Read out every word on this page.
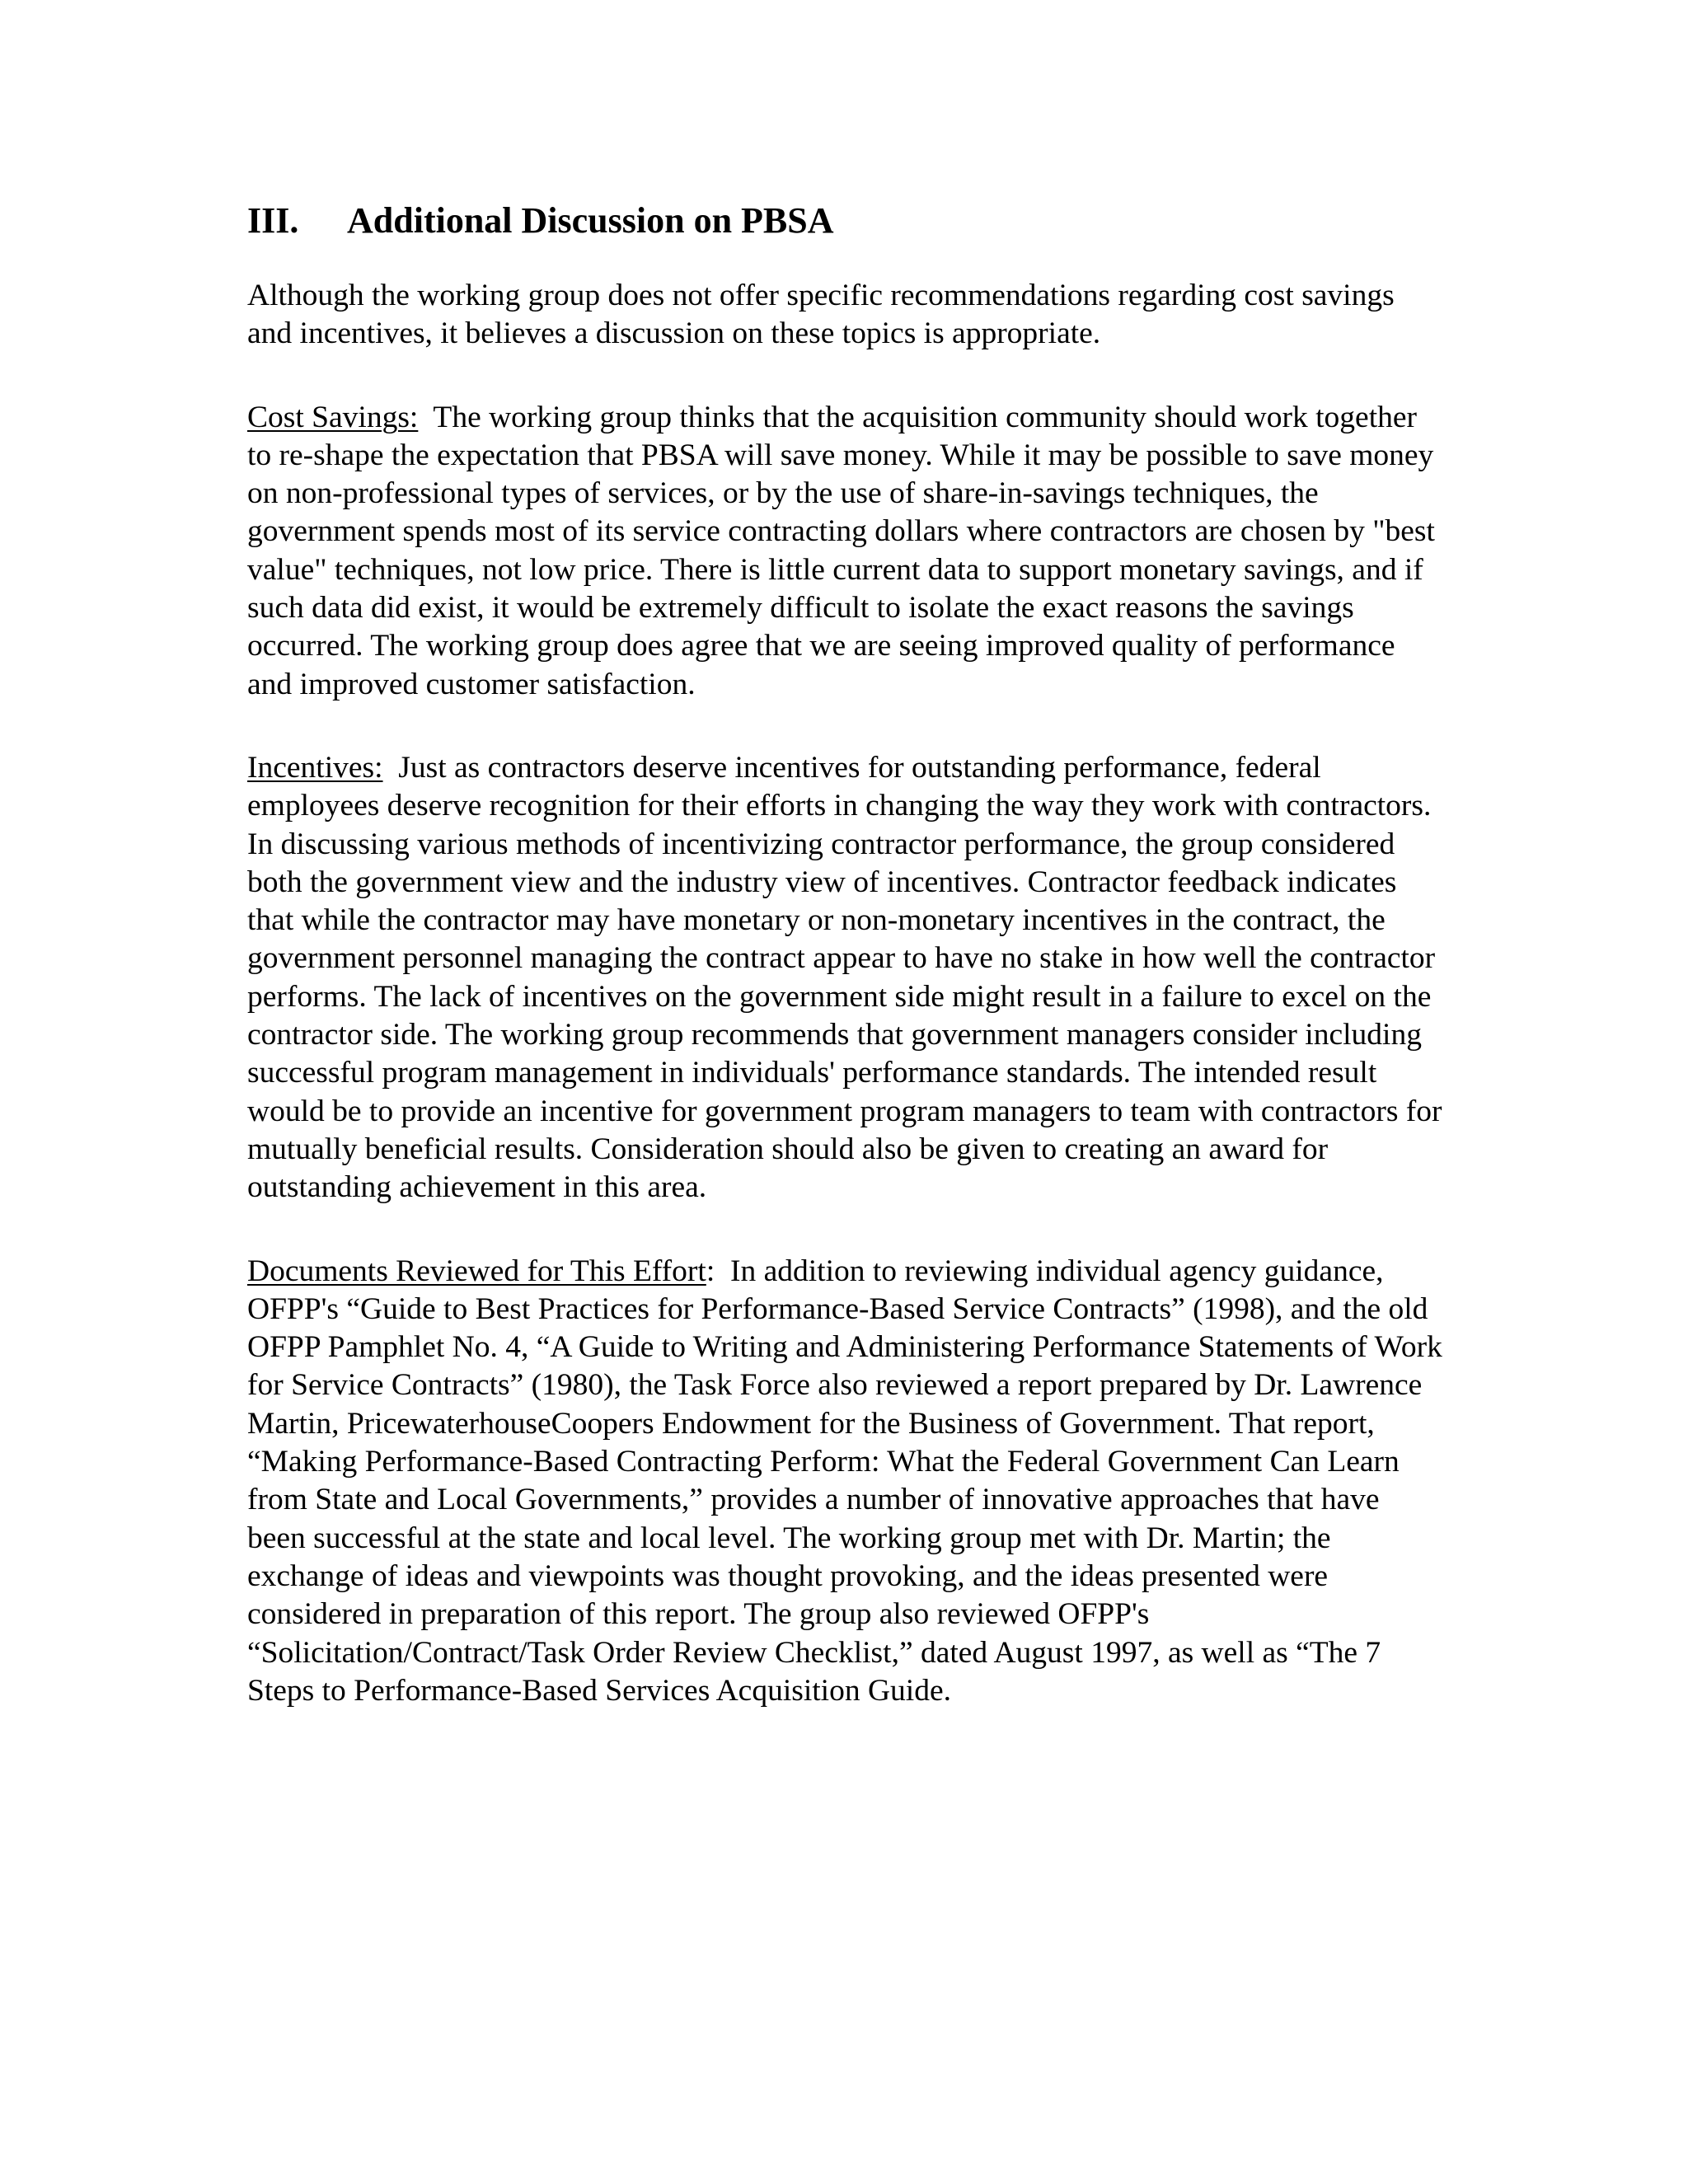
III.	Additional Discussion on PBSA

Although the working group does not offer specific recommendations regarding cost savings and incentives, it believes a discussion on these topics is appropriate.

Cost Savings: The working group thinks that the acquisition community should work together to re-shape the expectation that PBSA will save money. While it may be possible to save money on non-professional types of services, or by the use of share-in-savings techniques, the government spends most of its service contracting dollars where contractors are chosen by "best value" techniques, not low price. There is little current data to support monetary savings, and if such data did exist, it would be extremely difficult to isolate the exact reasons the savings occurred. The working group does agree that we are seeing improved quality of performance and improved customer satisfaction.

Incentives: Just as contractors deserve incentives for outstanding performance, federal employees deserve recognition for their efforts in changing the way they work with contractors. In discussing various methods of incentivizing contractor performance, the group considered both the government view and the industry view of incentives. Contractor feedback indicates that while the contractor may have monetary or non-monetary incentives in the contract, the government personnel managing the contract appear to have no stake in how well the contractor performs. The lack of incentives on the government side might result in a failure to excel on the contractor side. The working group recommends that government managers consider including successful program management in individuals' performance standards. The intended result would be to provide an incentive for government program managers to team with contractors for mutually beneficial results. Consideration should also be given to creating an award for outstanding achievement in this area.

Documents Reviewed for This Effort: In addition to reviewing individual agency guidance, OFPP's “Guide to Best Practices for Performance-Based Service Contracts” (1998), and the old OFPP Pamphlet No. 4, “A Guide to Writing and Administering Performance Statements of Work for Service Contracts” (1980), the Task Force also reviewed a report prepared by Dr. Lawrence Martin, PricewaterhouseCoopers Endowment for the Business of Government. That report, “Making Performance-Based Contracting Perform: What the Federal Government Can Learn from State and Local Governments,” provides a number of innovative approaches that have been successful at the state and local level. The working group met with Dr. Martin; the exchange of ideas and viewpoints was thought provoking, and the ideas presented were considered in preparation of this report. The group also reviewed OFPP's “Solicitation/Contract/Task Order Review Checklist,” dated August 1997, as well as “The 7 Steps to Performance-Based Services Acquisition Guide.
